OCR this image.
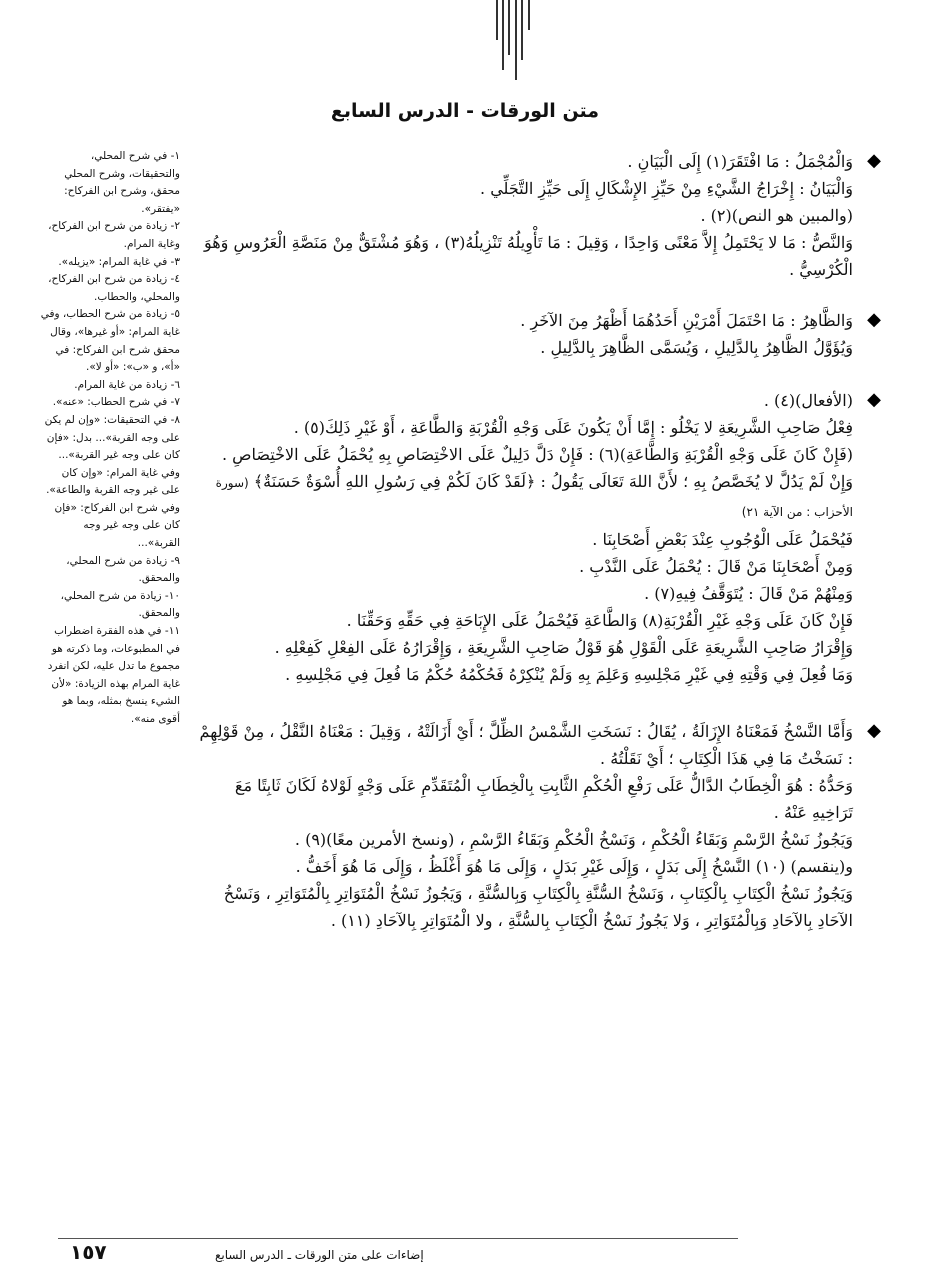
متن الورقات - الدرس السابع
◆

وَالْمُجْمَلُ : مَا افْتَقَرَ(١) إِلَى الْبَيَانِ .

وَالْبَيَانُ : إِخْرَاجُ الشَّيْءِ مِنْ حَيِّزِ الإِشْكَالِ إِلَى حَيِّزِ التَّجَلِّي .

(والمبين هو النص)(٢) .

وَالنَّصُّ : مَا لا يَحْتَمِلُ إِلاَّ مَعْنًى وَاحِدًا ، وَقِيلَ : مَا تَأْوِيلُهُ تَنْزِيلُهُ(٣) ، وَهُوَ مُشْتَقٌّ مِنْ مَنَصَّةِ الْعَرُوسِ وَهُوَ الْكُرْسِيُّ .

◆

وَالظَّاهِرُ : مَا احْتَمَلَ أَمْرَيْنِ أَحَدُهُمَا أَظْهَرُ مِنَ الآخَرِ .

وَيُؤَوَّلُ الظَّاهِرُ بِالدَّلِيلِ ، وَيُسَمَّى الظَّاهِرَ بِالدَّلِيلِ .

◆

(الأفعال)(٤) .

فِعْلُ صَاحِبِ الشَّرِيعَةِ لا يَخْلُو : إِمَّا أَنْ يَكُونَ عَلَى وَجْهِ الْقُرْبَةِ وَالطَّاعَةِ ، أَوْ غَيْرِ ذَلِكَ(٥) .

(فَإِنْ كَانَ عَلَى وَجْهِ الْقُرْبَةِ وَالطَّاعَةِ)(٦) : فَإِنْ دَلَّ دَلِيلٌ عَلَى الاخْتِصَاصِ بِهِ يُحْمَلُ عَلَى الاخْتِصَاصِ .

وَإِنْ لَمْ يَدُلَّ لا يُخَصَّصُ بِهِ ؛ لأَنَّ اللهَ تَعَالَى يَقُولُ : ﴿لَقَدْ كَانَ لَكُمْ فِي رَسُولِ اللهِ أُسْوَةٌ حَسَنَةٌ﴾ (سورة الأحزاب : من الآية ٢١)

فَيُحْمَلُ عَلَى الْوُجُوبِ عِنْدَ بَعْضِ أَصْحَابِنَا .

وَمِنْ أَصْحَابِنَا مَنْ قَالَ : يُحْمَلُ عَلَى النَّدْبِ .

وَمِنْهُمْ مَنْ قَالَ : يُتَوَقَّفُ فِيهِ(٧) .

فَإِنْ كَانَ عَلَى وَجْهِ غَيْرِ الْقُرْبَةِ(٨) وَالطَّاعَةِ فَيُحْمَلُ عَلَى الإِبَاحَةِ فِي حَقِّهِ وَحَقِّنَا .

وَإِقْرَارُ صَاحِبِ الشَّرِيعَةِ عَلَى الْقَوْلِ هُوَ قَوْلُ صَاحِبِ الشَّرِيعَةِ ، وَإِقْرَارُهُ عَلَى الفِعْلِ كَفِعْلِهِ .

وَمَا فُعِلَ فِي وَقْتِهِ فِي غَيْرِ مَجْلِسِهِ وَعَلِمَ بِهِ وَلَمْ يُنْكِرْهُ فَحُكْمُهُ حُكْمُ مَا فُعِلَ فِي مَجْلِسِهِ .

◆

وَأَمَّا النَّسْخُ فَمَعْنَاهُ الإِزَالَةُ ، يُقَالُ : نَسَخَتِ الشَّمْسُ الظِّلَّ ؛ أَيْ أَزَالَتْهُ ، وَقِيلَ : مَعْنَاهُ النَّقْلُ ، مِنْ قَوْلِهِمْ : نَسَخْتُ مَا فِي هَذَا الْكِتَابِ ؛ أَيْ نَقَلْتُهُ .

وَحَدُّهُ : هُوَ الْخِطَابُ الدَّالُّ عَلَى رَفْعِ الْحُكْمِ الثَّابِتِ بِالْخِطَابِ الْمُتَقَدِّمِ عَلَى وَجْهٍ لَوْلاهُ لَكَانَ ثَابِتًا مَعَ تَرَاخِيهِ عَنْهُ .

وَيَجُوزُ نَسْخُ الرَّسْمِ وَبَقَاءُ الْحُكْمِ ، وَنَسْخُ الْحُكْمِ وَبَقَاءُ الرَّسْمِ ، (ونسخ الأمرين معًا)(٩) .

و(ينقسم) (١٠) النَّسْخُ إِلَى بَدَلٍ ، وَإِلَى غَيْرِ بَدَلٍ ، وَإِلَى مَا هُوَ أَغْلَظُ ، وَإِلَى مَا هُوَ أَخَفُّ .

وَيَجُوزُ نَسْخُ الْكِتَابِ بِالْكِتَابِ ، وَنَسْخُ السُّنَّةِ بِالْكِتَابِ وَبِالسُّنَّةِ ، وَيَجُوزُ نَسْخُ الْمُتَوَاتِرِ بِالْمُتَوَاتِرِ ، وَنَسْخُ الآحَادِ بِالآحَادِ وَبِالْمُتَوَاتِرِ ، وَلا يَجُوزُ نَسْخُ الْكِتَابِ بِالسُّنَّةِ ، ولا الْمُتَوَاتِرِ بِالآحَادِ (١١) .

١- في شرح المحلي، والتحقيقات، وشرح المحلي محقق، وشرح ابن الفركاح: «يفتقر».

٢- زيادة من شرح ابن الفركاح، وغاية المرام.

٣- في غاية المرام: «يزيله».

٤- زيادة من شرح ابن الفركاح، والمحلي، والحطاب.

٥- زيادة من شرح الحطاب، وفي غاية المرام: «أو غيرها»، وقال محقق شرح ابن الفركاح: في «أ»، و «ب»: «أو لا».

٦- زيادة من غاية المرام.

٧- في شرح الحطاب: «عنه».

٨- في التحقيقات: «وإن لم يكن على وجه القربة»... بدل: «فإن كان على وجه غير القربة»... وفي غاية المرام: «وإن كان على غير وجه القربة والطاعة». وفي شرح ابن الفركاح: «فإن كان على وجه غير وجه القربة»...

٩- زيادة من شرح المحلي، والمحقق.

١٠- زيادة من شرح المحلي، والمحقق.

١١- في هذه الفقرة اضطراب في المطبوعات، وما ذكرته هو مجموع ما تدل عليه، لكن انفرد غاية المرام بهذه الزيادة: «لأن الشيء ينسخ بمثله، وبما هو أقوى منه».

١٥٧	إضاءات على متن الورقات ـ الدرس السابع
